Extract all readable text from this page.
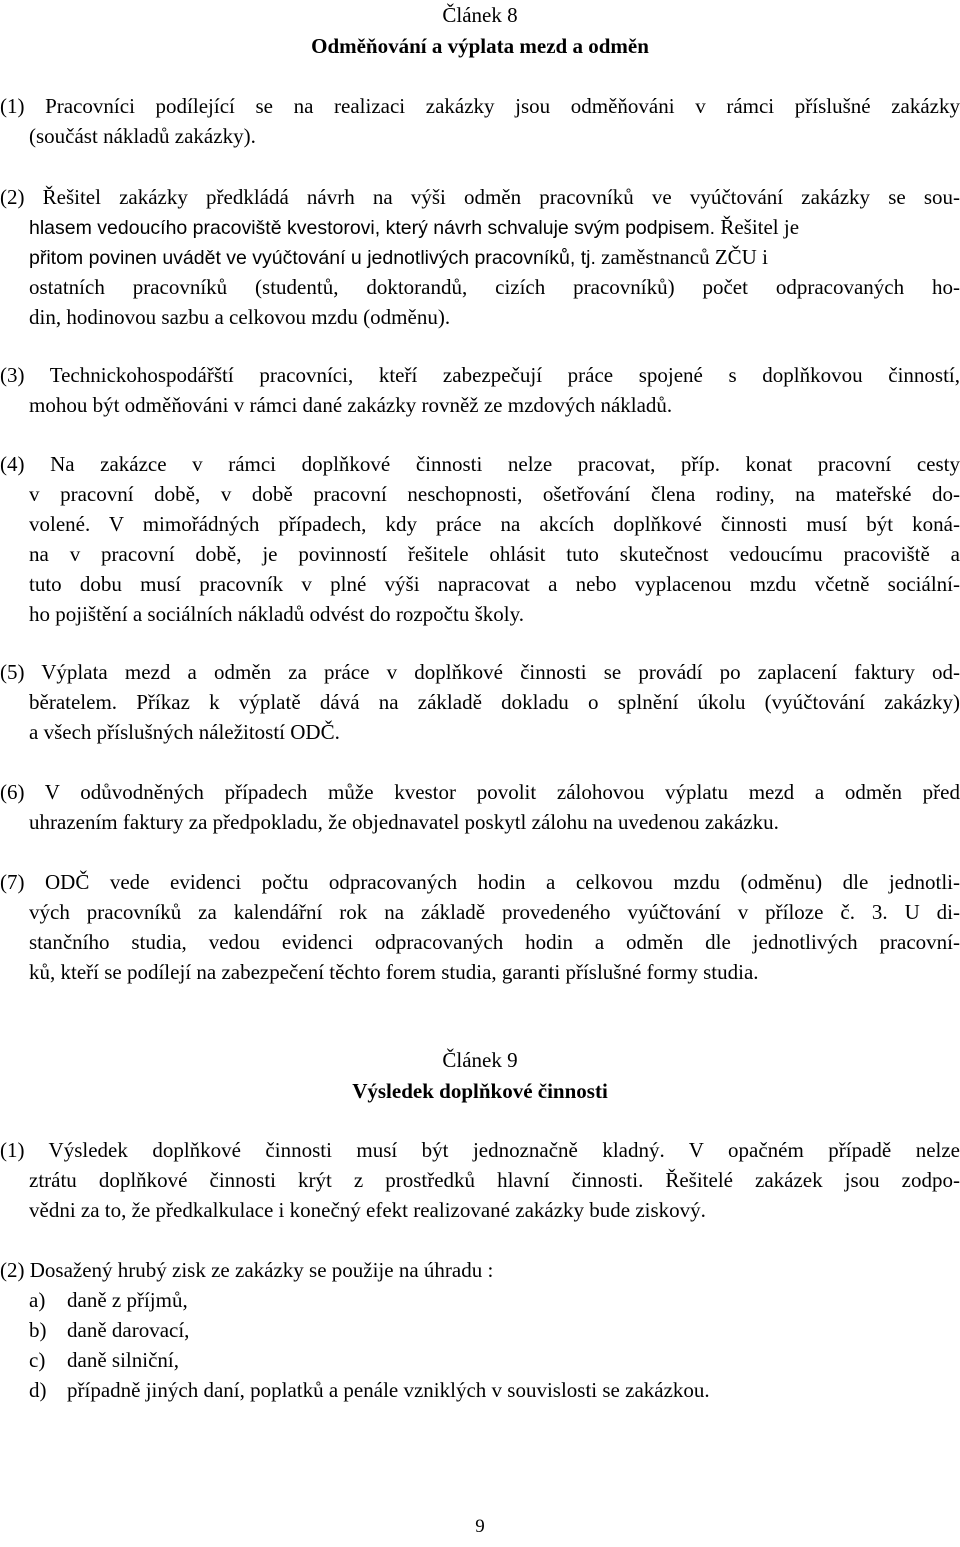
Článek 8
Odměňování a výplata mezd a odměn
(1) Pracovníci podílející se na realizaci zakázky jsou odměňováni v rámci příslušné zakázky
(součást nákladů zakázky).
(2) Řešitel zakázky předkládá návrh na výši odměn pracovníků ve vyúčtování zakázky se sou-
hlasem vedoucího pracoviště kvestorovi, který návrh schvaluje svým podpisem. Řešitel je
přitom povinen uvádět ve vyúčtování u jednotlivých pracovníků, tj. zaměstnanců ZČU i
ostatních pracovníků (studentů, doktorandů, cizích pracovníků) počet odpracovaných ho-
din, hodinovou sazbu a celkovou mzdu (odměnu).
(3) Technickohospodářští pracovníci, kteří zabezpečují práce spojené s doplňkovou činností,
mohou být odměňováni v rámci dané zakázky rovněž ze mzdových nákladů.
(4) Na zakázce v rámci doplňkové činnosti nelze pracovat, příp. konat pracovní cesty
v pracovní době, v době pracovní neschopnosti, ošetřování člena rodiny, na mateřské do-
volené. V mimořádných případech, kdy práce na akcích doplňkové činnosti musí být koná-
na v pracovní době, je povinností řešitele ohlásit tuto skutečnost vedoucímu pracoviště a
tuto dobu musí pracovník v plné výši napracovat a nebo vyplacenou mzdu včetně sociální-
ho pojištění a sociálních nákladů odvést do rozpočtu školy.
(5) Výplata mezd a odměn za práce v doplňkové činnosti se provádí po zaplacení faktury od-
běratelem. Příkaz k výplatě dává na základě dokladu o splnění úkolu (vyúčtování zakázky)
a všech příslušných náležitostí ODČ.
(6) V odůvodněných případech může kvestor povolit zálohovou výplatu mezd a odměn před
uhrazením faktury za předpokladu, že objednavatel poskytl zálohu na uvedenou zakázku.
(7) ODČ vede evidenci počtu odpracovaných hodin a celkovou mzdu (odměnu) dle jednotli-
vých pracovníků za kalendářní rok na základě provedeného vyúčtování v příloze č. 3. U di-
stančního studia, vedou evidenci odpracovaných hodin a odměn dle jednotlivých pracovní-
ků, kteří se podílejí na zabezpečení těchto forem studia, garanti příslušné formy studia.
Článek 9
Výsledek doplňkové činnosti
(1) Výsledek doplňkové činnosti musí být jednoznačně kladný. V opačném případě nelze
ztrátu doplňkové činnosti krýt z prostředků hlavní činnosti. Řešitelé zakázek jsou zodpo-
vědni za to, že předkalkulace i konečný efekt realizované zakázky bude ziskový.
(2) Dosažený hrubý zisk ze zakázky se použije na úhradu :
a) daně z příjmů,
b) daně darovací,
c) daně silniční,
d) případně jiných daní, poplatků a penále vzniklých v souvislosti se zakázkou.
9
